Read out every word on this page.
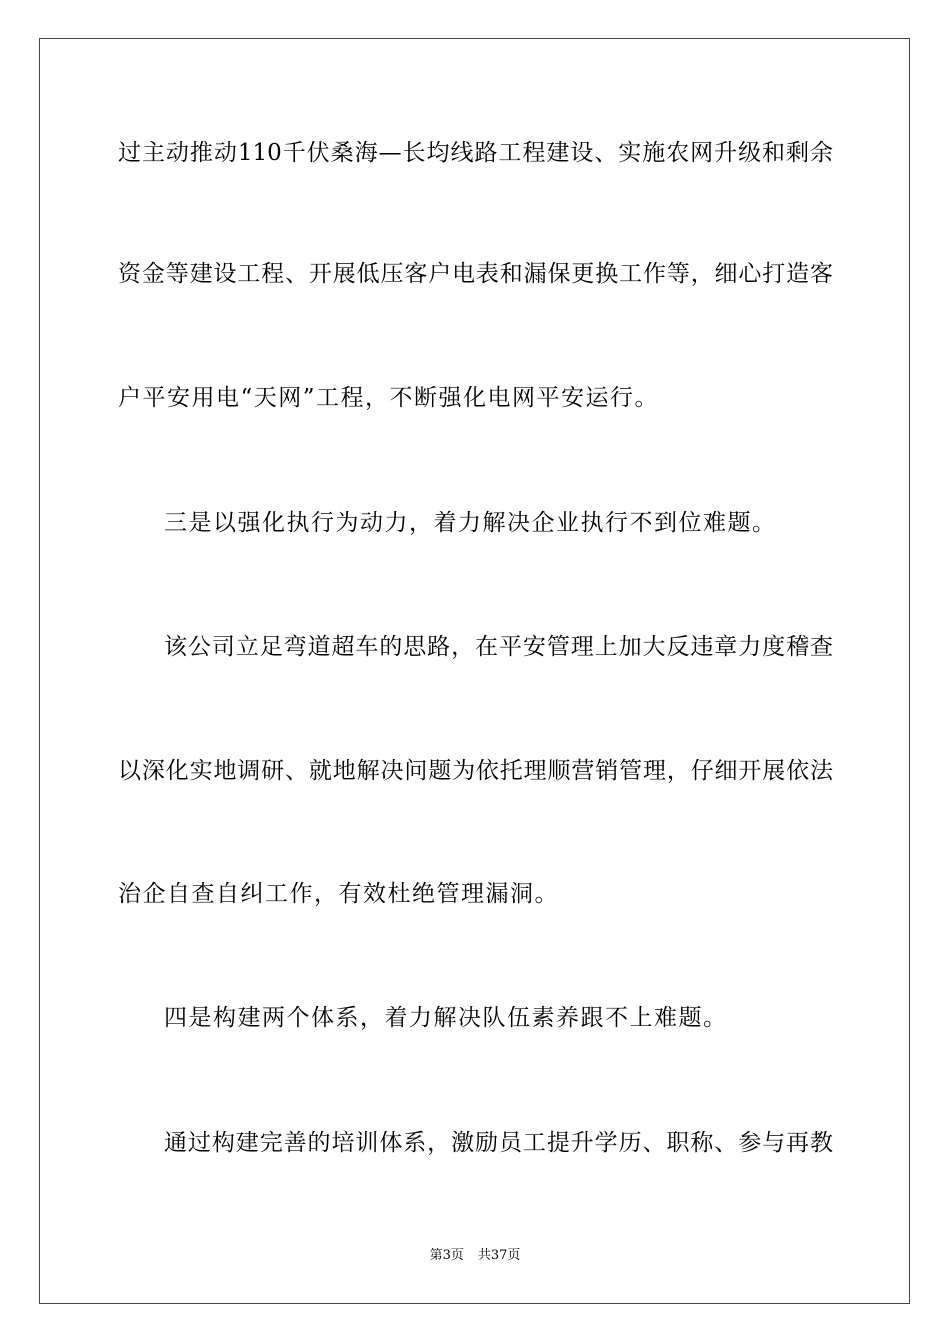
过主动推动110千伏桑海—长均线路工程建设、实施农网升级和剩余
资金等建设工程、开展低压客户电表和漏保更换工作等，细心打造客
户平安用电“天网”工程，不断强化电网平安运行。
三是以强化执行为动力，着力解决企业执行不到位难题。
该公司立足弯道超车的思路，在平安管理上加大反违章力度稽查
以深化实地调研、就地解决问题为依托理顺营销管理，仔细开展依法
治企自查自纠工作，有效杜绝管理漏洞。
四是构建两个体系，着力解决队伍素养跟不上难题。
通过构建完善的培训体系，激励员工提升学历、职称、参与再教
第3页 共37页
